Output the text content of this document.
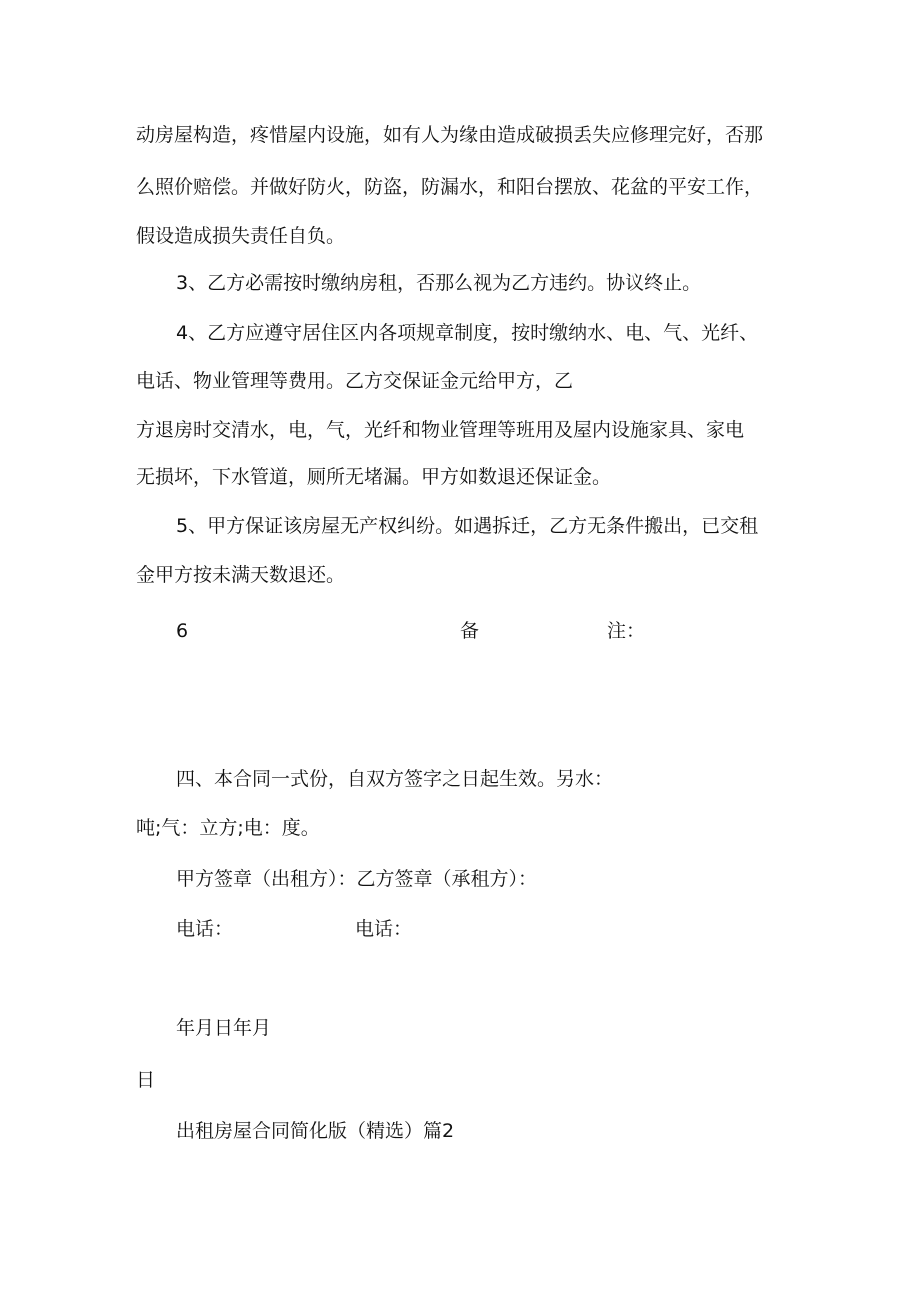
动房屋构造，疼惜屋内设施，如有人为缘由造成破损丢失应修理完好，否那

么照价赔偿。并做好防火，防盗，防漏水，和阳台摆放、花盆的平安工作，

假设造成损失责任自负。

3、乙方必需按时缴纳房租，否那么视为乙方违约。协议终止。

4、乙方应遵守居住区内各项规章制度，按时缴纳水、电、气、光纤、

电话、物业管理等费用。乙方交保证金元给甲方，乙

方退房时交清水，电，气，光纤和物业管理等班用及屋内设施家具、家电

无损坏，下水管道，厕所无堵漏。甲方如数退还保证金。

5、甲方保证该房屋无产权纠纷。如遇拆迁，乙方无条件搬出，已交租

金甲方按未满天数退还。

6	备	注：

四、本合同一式份，自双方签字之日起生效。另水：

吨;气：立方;电：度。

甲方签章（出租方）：乙方签章（承租方）：

电话：	电话：

年月日年月

日

出租房屋合同简化版（精选）篇2
